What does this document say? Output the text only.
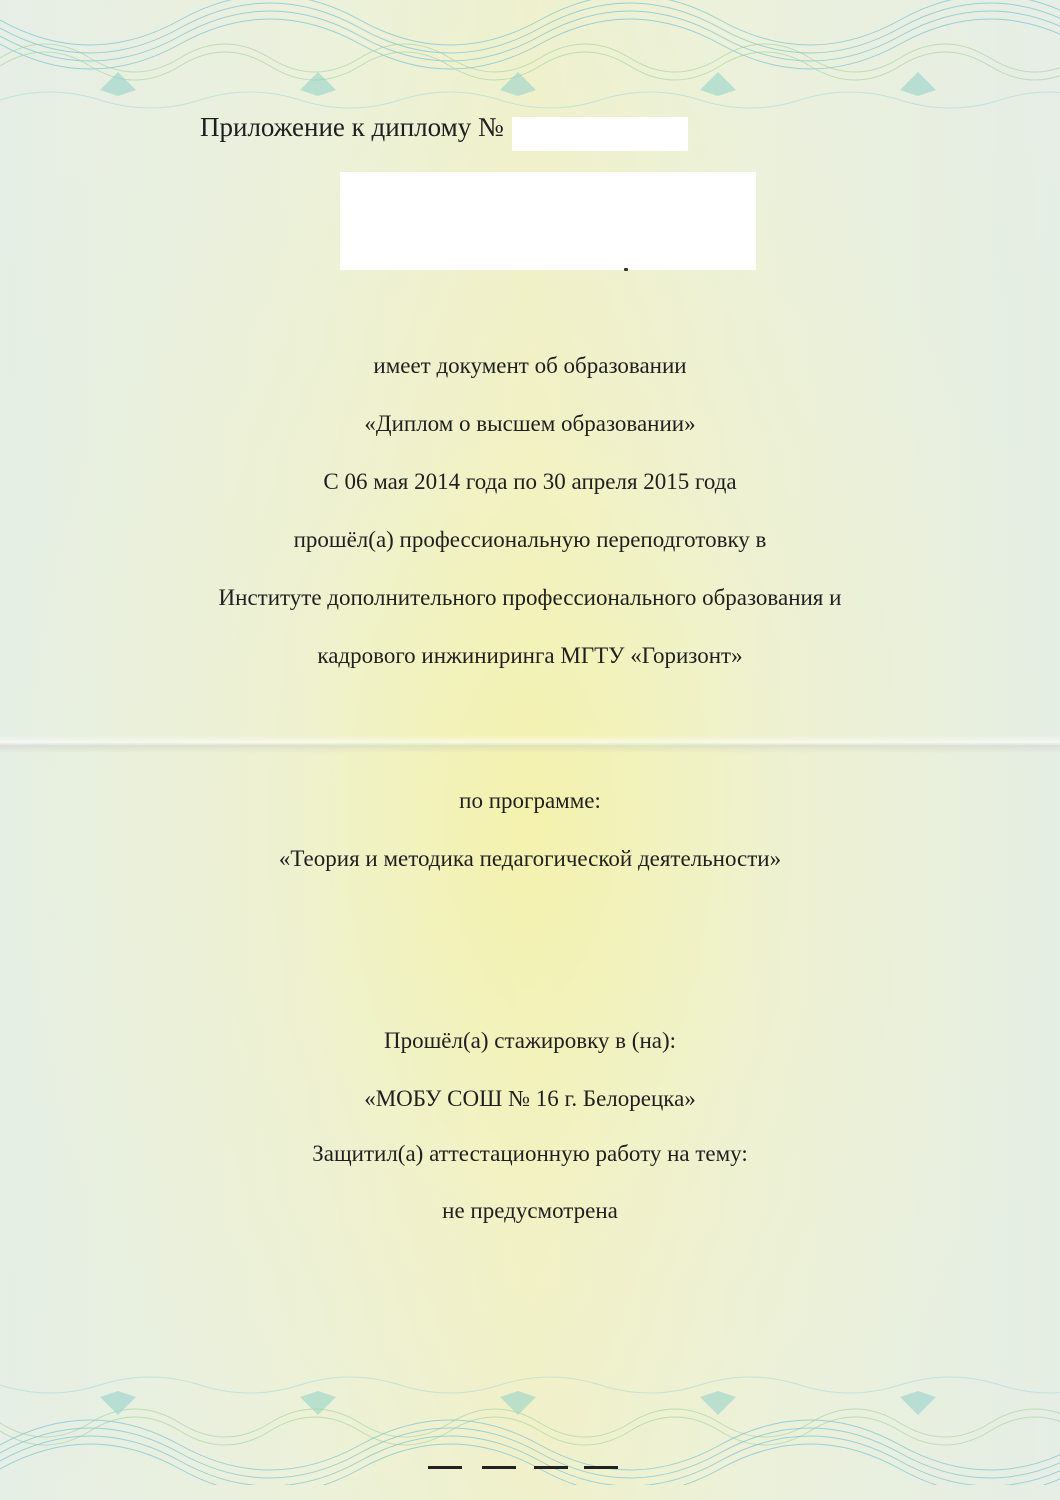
Приложение к диплому №
имеет документ об образовании
«Диплом о высшем образовании»
С 06 мая 2014 года по 30 апреля 2015 года
прошёл(а) профессиональную переподготовку в
Институте дополнительного профессионального образования и
кадрового инжиниринга МГТУ «Горизонт»
по программе:
«Теория и методика педагогической деятельности»
Прошёл(а) стажировку в (на):
«МОБУ СОШ № 16 г. Белорецка»
Защитил(а) аттестационную работу на тему:
не предусмотрена
